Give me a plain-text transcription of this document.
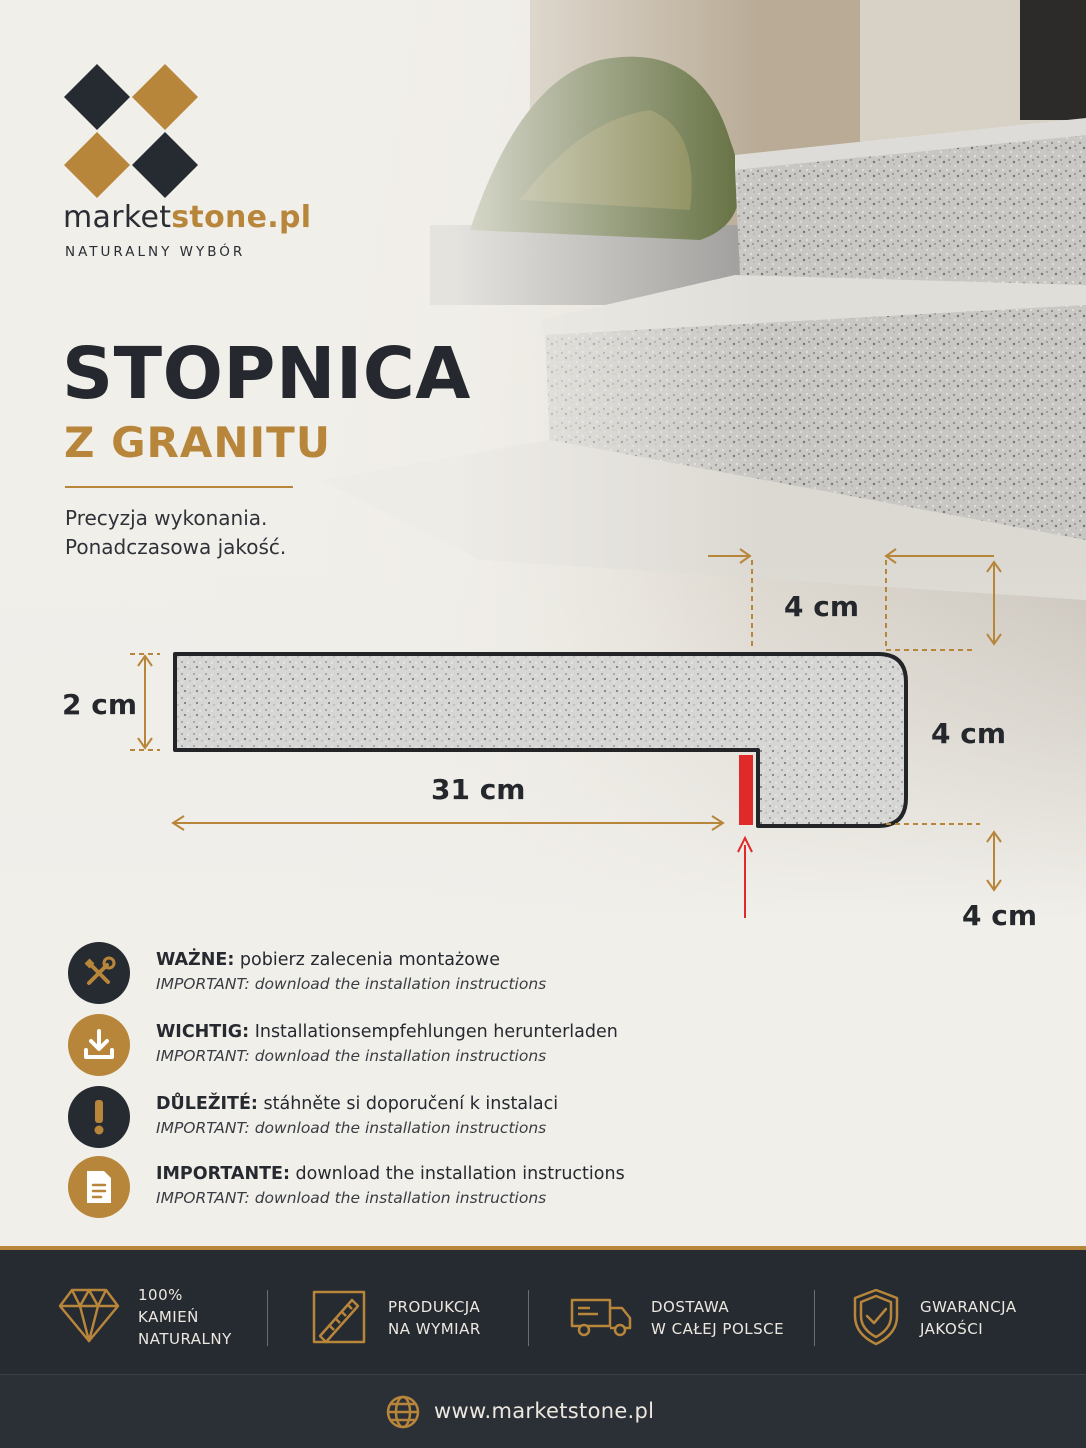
marketstone.pl
NATURALNY WYBÓR
STOPNICA
Z GRANITU
Precyzja wykonania.
Ponadczasowa jakość.
2 cm
4 cm
4 cm
31 cm
4 cm
WAŻNE: pobierz zalecenia montażowe
IMPORTANT: download the installation instructions
WICHTIG: Installationsempfehlungen herunterladen
IMPORTANT: download the installation instructions
DŮLEŽITÉ: stáhněte si doporučení k instalaci
IMPORTANT: download the installation instructions
IMPORTANTE: download the installation instructions
IMPORTANT: download the installation instructions
100%
KAMIEŃ
NATURALNY
PRODUKCJA
NA WYMIAR
DOSTAWA
W CAŁEJ POLSCE
GWARANCJA
JAKOŚCI
www.marketstone.pl
